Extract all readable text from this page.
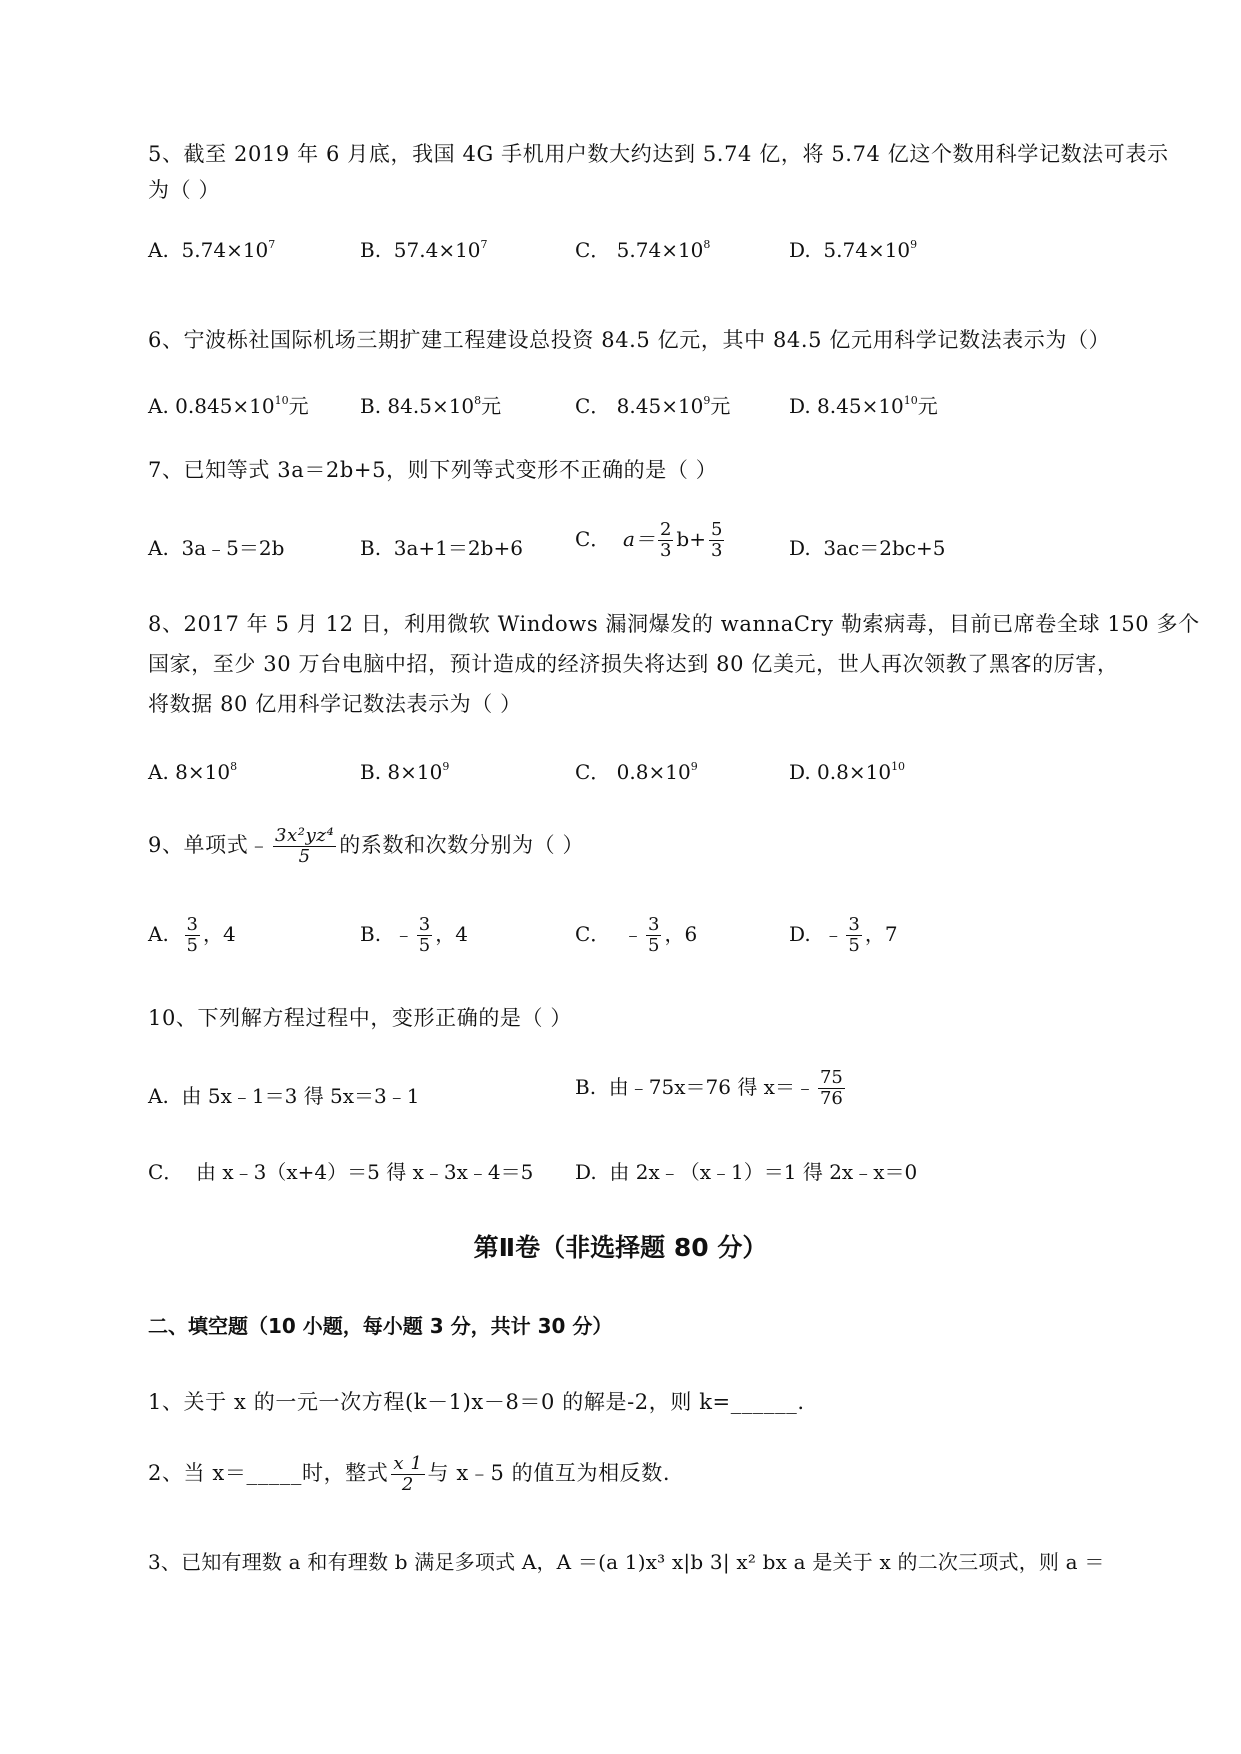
5、截至 2019 年 6 月底，我国 4G 手机用户数大约达到 5.74 亿，将 5.74 亿这个数用科学记数法可表示
为（ ）
A. $5.74\times 10^7$	B. $57.4\times 10^7$	C． $5.74\times 10^8$	D. $5.74\times 10^9$
6、宁波栎社国际机场三期扩建工程建设总投资 84.5 亿元，其中 84.5 亿元用科学记数法表示为（）
A. $0.845\times 10^{10}$元	B. $84.5\times 10^8$元	C． $8.45\times 10^9$元	D. $8.45\times 10^{10}$元
7、已知等式 3a＝2b+5，则下列等式变形不正确的是（ ）
A. 3a﹣5＝2b	B. 3a+1＝2b+6	C． $a= \frac{2}{3} b+ \frac{5}{3}$	D. 3ac＝2bc+5
8、2017 年 5 月 12 日，利用微软 Windows 漏洞爆发的 wannaCry 勒索病毒，目前已席卷全球 150 多个
国家，至少 30 万台电脑中招，预计造成的经济损失将达到 80 亿美元，世人再次领教了黑客的厉害，
将数据 80 亿用科学记数法表示为（ ）
A. $8\times 10^8$	B. $8\times 10^9$	C． $0.8\times 10^9$	D. $0.8\times 10^{10}$
9、单项式﹣ $\frac{\text{3x²yz⁴}}{5}$ 的系数和次数分别为（ ）
A. $\frac{3}{5}$ ，4	B. ﹣ $\frac{3}{5}$ ，4	C． ﹣ $\frac{3}{5}$ ，6	D. ﹣ $\frac{3}{5}$ ，7
10、下列解方程过程中，变形正确的是（ ）
A. 由 5x﹣1＝3 得 5x＝3﹣1	B. 由﹣75x＝76 得 x＝﹣ $\frac{75}{76}$
C． 由 x﹣3（x+4）＝5 得 x﹣3x﹣4＝5 D. 由 2x﹣（x﹣1）＝1 得 2x﹣x＝0
第Ⅱ卷（非选择题 80 分）
二、填空题（10 小题，每小题 3 分，共计 30 分）
1、关于 x 的一元一次方程(k－1)x－8＝0 的解是-2，则 k=______.
2、当 x＝_____时，整式 $\frac{x 1}{2}$ 与 x﹣5 的值互为相反数.
3、已知有理数 a 和有理数 b 满足多项式 A，A ＝(a 1)x³ x|b 3| x² bx a 是关于 x 的二次三项式，则 a ＝
